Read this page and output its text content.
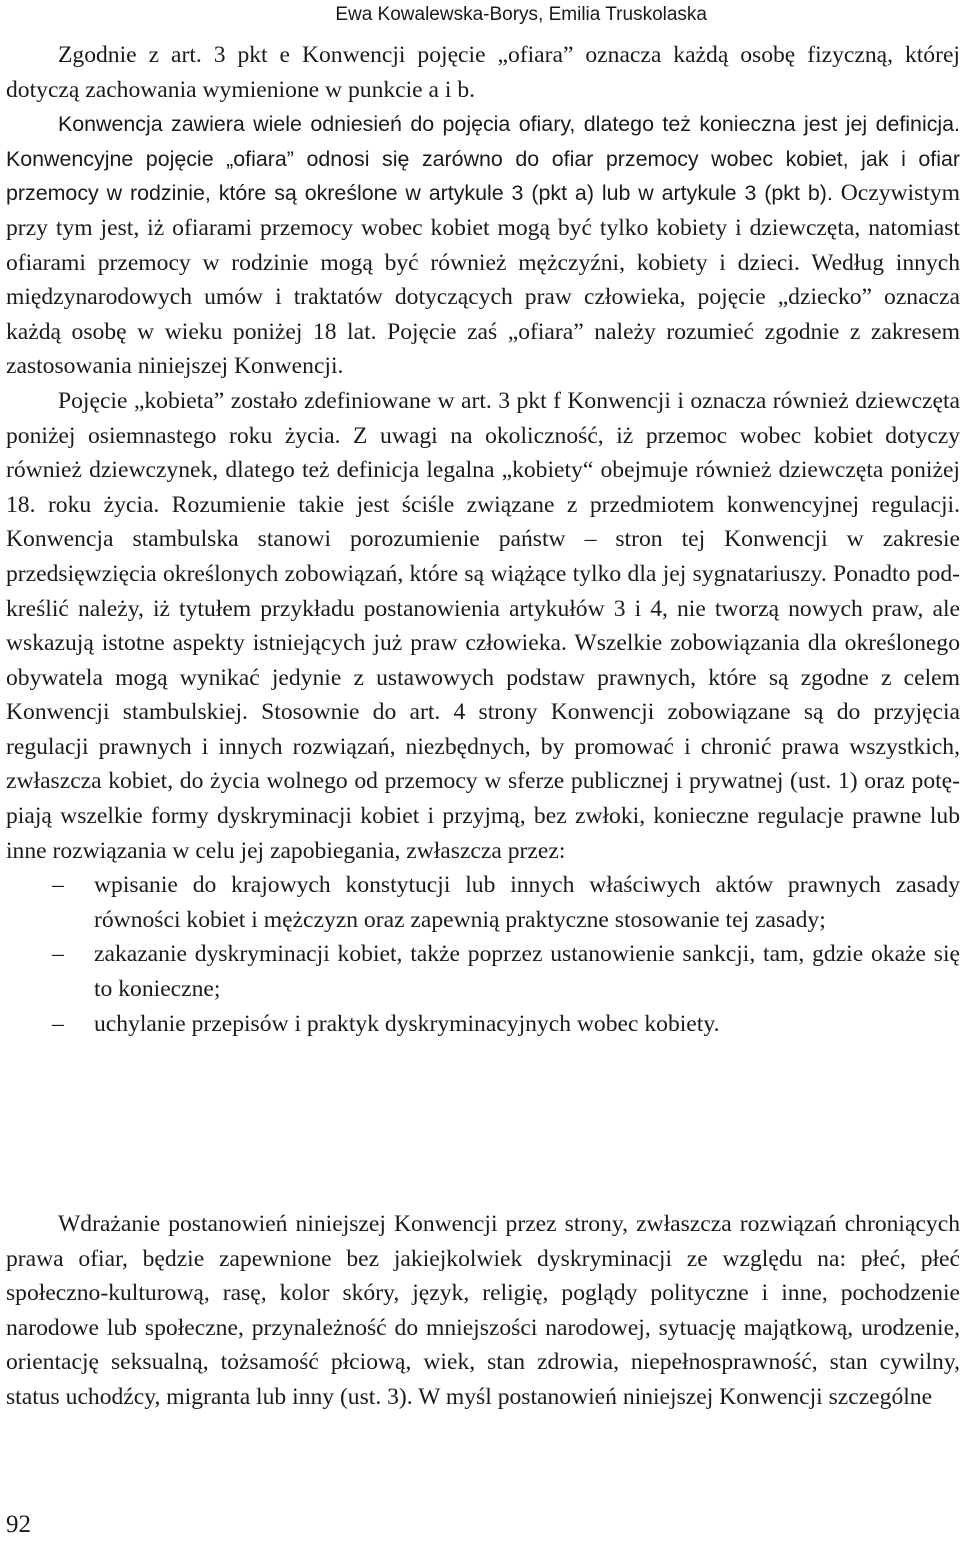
Ewa Kowalewska-Borys, Emilia Truskolaska

Zgodnie z art. 3 pkt e Konwencji pojęcie „ofiara” oznacza każdą osobę fizyczną, której dotyczą zachowania wymienione w punkcie a i b.

Konwencja zawiera wiele odniesień do pojęcia ofiary, dlatego też konieczna jest jej definicja. Konwencyjne pojęcie „ofiara” odnosi się zarówno do ofiar przemocy wobec kobiet, jak i ofiar przemocy w rodzinie, które są określone w artykule 3 (pkt a) lub w artykule 3 (pkt b). Oczywistym przy tym jest, iż ofiarami przemocy wobec kobiet mogą być tylko kobiety i dziewczęta, natomiast ofiarami przemocy w rodzinie mogą być również mężczyźni, kobiety i dzieci. Według innych międzynarodowych umów i traktatów dotyczących praw człowieka, pojęcie „dziecko” oznacza każdą osobę w wieku poniżej 18 lat. Pojęcie zaś „ofiara” należy rozumieć zgodnie z zakresem zastosowania niniejszej Konwencji.

Pojęcie „kobieta” zostało zdefiniowane w art. 3 pkt f Konwencji i oznacza również dziewczęta poniżej osiemnastego roku życia. Z uwagi na okoliczność, iż przemoc wobec kobiet dotyczy również dziewczynek, dlatego też definicja legalna „kobiety“ obejmuje również dziewczęta poniżej 18. roku życia. Rozumienie takie jest ściśle związane z przedmiotem konwencyjnej regulacji. Konwencja stambulska stanowi porozumienie państw – stron tej Konwencji w zakresie przedsięwzięcia określonych zobowiązań, które są wiążące tylko dla jej sygnatariuszy. Ponadto podkreślić należy, iż tytułem przykładu postanowienia artykułów 3 i 4, nie tworzą nowych praw, ale wskazują istotne aspekty istniejących już praw człowieka. Wszelkie zobowiązania dla określonego obywatela mogą wynikać jedynie z ustawowych podstaw prawnych, które są zgodne z celem Konwencji stambulskiej. Stosownie do art. 4 strony Konwencji zobowiązane są do przyjęcia regulacji prawnych i innych rozwiązań, niezbędnych, by promować i chronić prawa wszystkich, zwłaszcza kobiet, do życia wolnego od przemocy w sferze publicznej i prywatnej (ust. 1) oraz potępiają wszelkie formy dyskryminacji kobiet i przyjmą, bez zwłoki, konieczne regulacje prawne lub inne rozwiązania w celu jej zapobiegania, zwłaszcza przez:

– wpisanie do krajowych konstytucji lub innych właściwych aktów prawnych zasady równości kobiet i mężczyzn oraz zapewnią praktyczne stosowanie tej zasady;
– zakazanie dyskryminacji kobiet, także poprzez ustanowienie sankcji, tam, gdzie okaże się to konieczne;
– uchylanie przepisów i praktyk dyskryminacyjnych wobec kobiety.

Wdrażanie postanowień niniejszej Konwencji przez strony, zwłaszcza rozwiązań chroniących prawa ofiar, będzie zapewnione bez jakiejkolwiek dyskryminacji ze względu na: płeć, płeć społeczno-kulturową, rasę, kolor skóry, język, religię, poglądy polityczne i inne, pochodzenie narodowe lub społeczne, przynależność do mniejszości narodowej, sytuację majątkową, urodzenie, orientację seksualną, tożsamość płciową, wiek, stan zdrowia, niepełnosprawność, stan cywilny, status uchodźcy, migranta lub inny (ust. 3). W myśl postanowień niniejszej Konwencji szczególne

92
